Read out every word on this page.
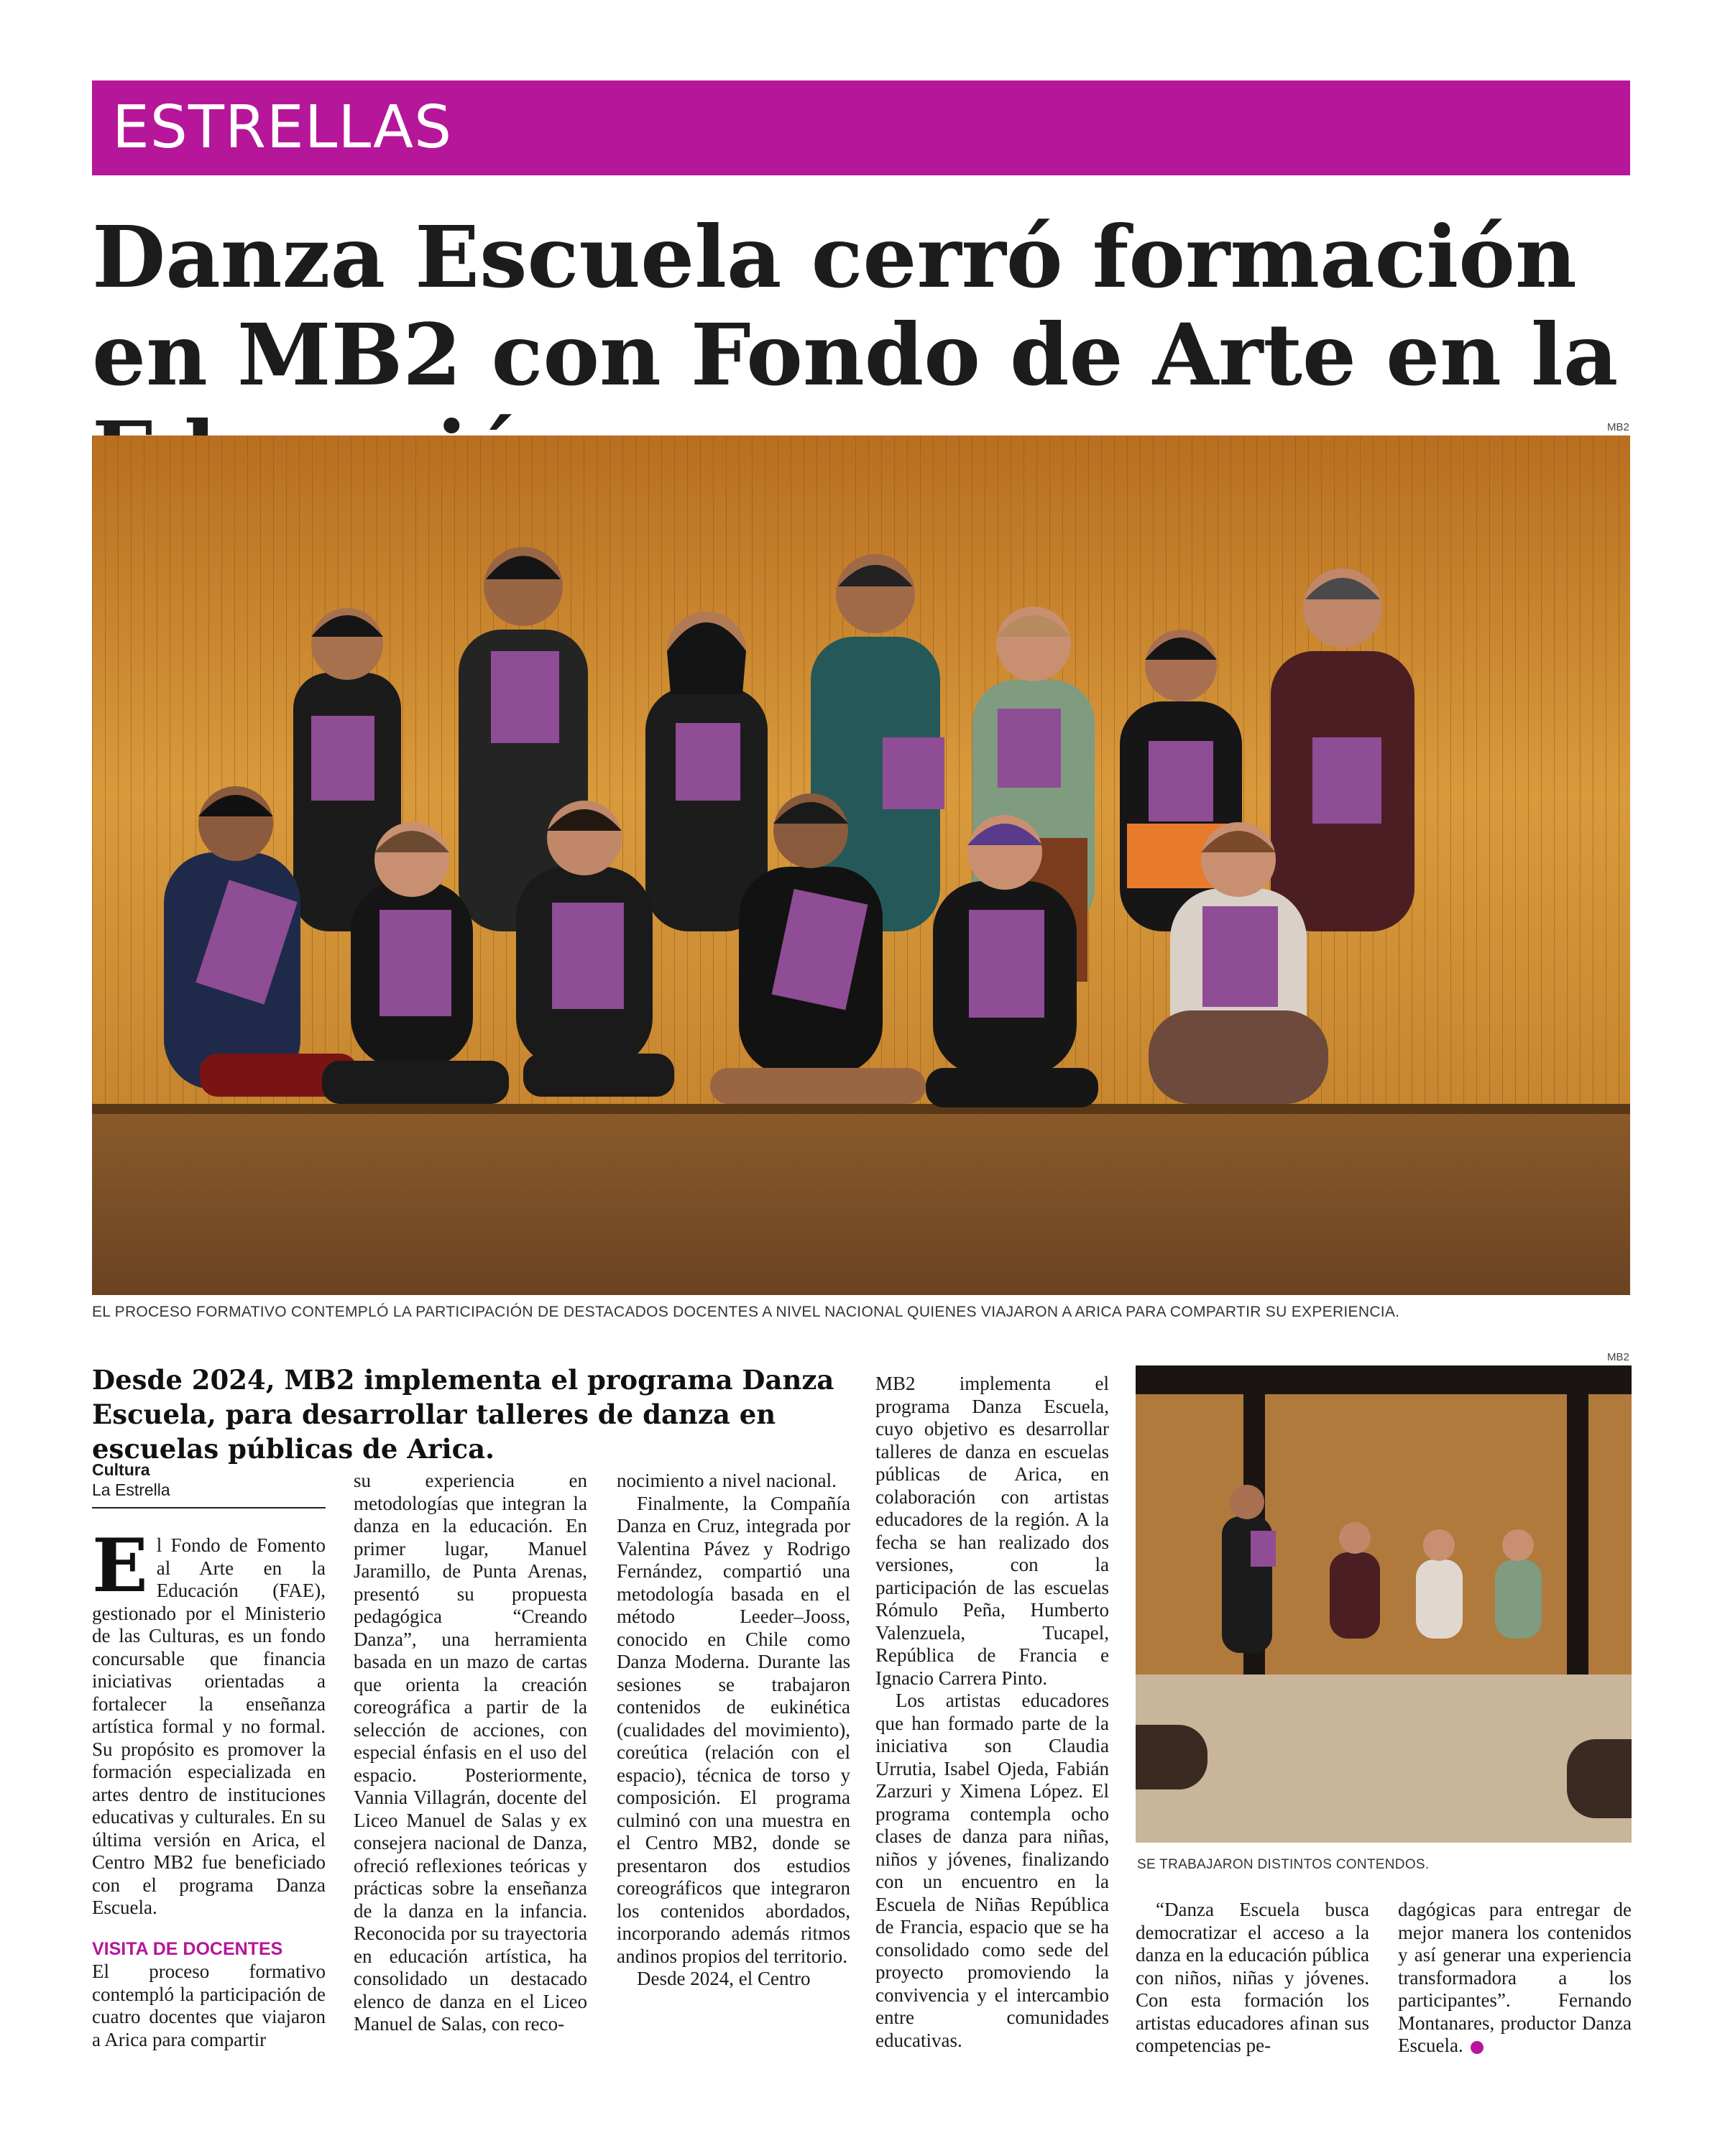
ESTRELLAS
Danza Escuela cerró formación en MB2 con Fondo de Arte en la
MB2
EL PROCESO FORMATIVO CONTEMPLÓ LA PARTICIPACIÓN DE DESTACADOS DOCENTES A NIVEL NACIONAL QUIENES VIAJARON A ARICA PARA COMPARTIR SU EXPERIENCIA.

Desde 2024, MB2 implementa el programa Danza Escuela, para desarrollar talleres de danza en escuelas públicas de Arica.

Cultura
La Estrella
E l Fondo de Fomento al Arte en la Educación (FAE), gestionado por el Ministerio de las Culturas, es un fondo concursable que financia iniciativas orientadas a fortalecer la enseñanza artística formal y no formal. Su propósito es promover la formación especializada en artes dentro de instituciones educativas y culturales. En su última versión en Arica, el Centro MB2 fue beneficiado con el programa Danza Escuela.

VISITA DE DOCENTES

El proceso formativo contempló la participación de cuatro docentes que viajaron a Arica para compartir

su experiencia en metodologías que integran la danza en la educación. En primer lugar, Manuel Jaramillo, de Punta Arenas, presentó su propuesta pedagógica “Creando Danza”, una herramienta basada en un mazo de cartas que orienta la creación coreográfica a partir de la selección de acciones, con especial énfasis en el uso del espacio. Posteriormente, Vannia Villagrán, docente del Liceo Manuel de Salas y ex consejera nacional de Danza, ofreció reflexiones teóricas y prácticas sobre la enseñanza de la danza en la infancia. Reconocida por su trayectoria en educación artística, ha consolidado un destacado elenco de danza en el Liceo Manuel de Salas, con reco-

nocimiento a nivel nacional.

Finalmente, la Compañía Danza en Cruz, integrada por Valentina Pávez y Rodrigo Fernández, compartió una metodología basada en el método Leeder–Jooss, conocido en Chile como Danza Moderna. Durante las sesiones se trabajaron contenidos de eukinética (cualidades del movimiento), coreútica (relación con el espacio), técnica de torso y composición. El programa culminó con una muestra en el Centro MB2, donde se presentaron dos estudios coreográficos que integraron los contenidos abordados, incorporando además ritmos andinos propios del territorio.

Desde 2024, el Centro

MB2 implementa el programa Danza Escuela, cuyo objetivo es desarrollar talleres de danza en escuelas públicas de Arica, en colaboración con artistas educadores de la región. A la fecha se han realizado dos versiones, con la participación de las escuelas Rómulo Peña, Humberto Valenzuela, Tucapel, República de Francia e Ignacio Carrera Pinto.

Los artistas educadores que han formado parte de la iniciativa son Claudia Urrutia, Isabel Ojeda, Fabián Zarzuri y Ximena López. El programa contempla ocho clases de danza para niñas, niños y jóvenes, finalizando con un encuentro en la Escuela de Niñas República de Francia, espacio que se ha consolidado como sede del proyecto promoviendo la convivencia y el intercambio entre comunidades educativas.

MB2
SE TRABAJARON DISTINTOS CONTENDOS.

“Danza Escuela busca democratizar el acceso a la danza en la educación pública con niños, niñas y jóvenes. Con esta formación los artistas educadores afinan sus competencias pe-

dagógicas para entregar de mejor manera los contenidos y así generar una experiencia transformadora a los participantes”. Fernando Montanares, productor Danza Escuela.
